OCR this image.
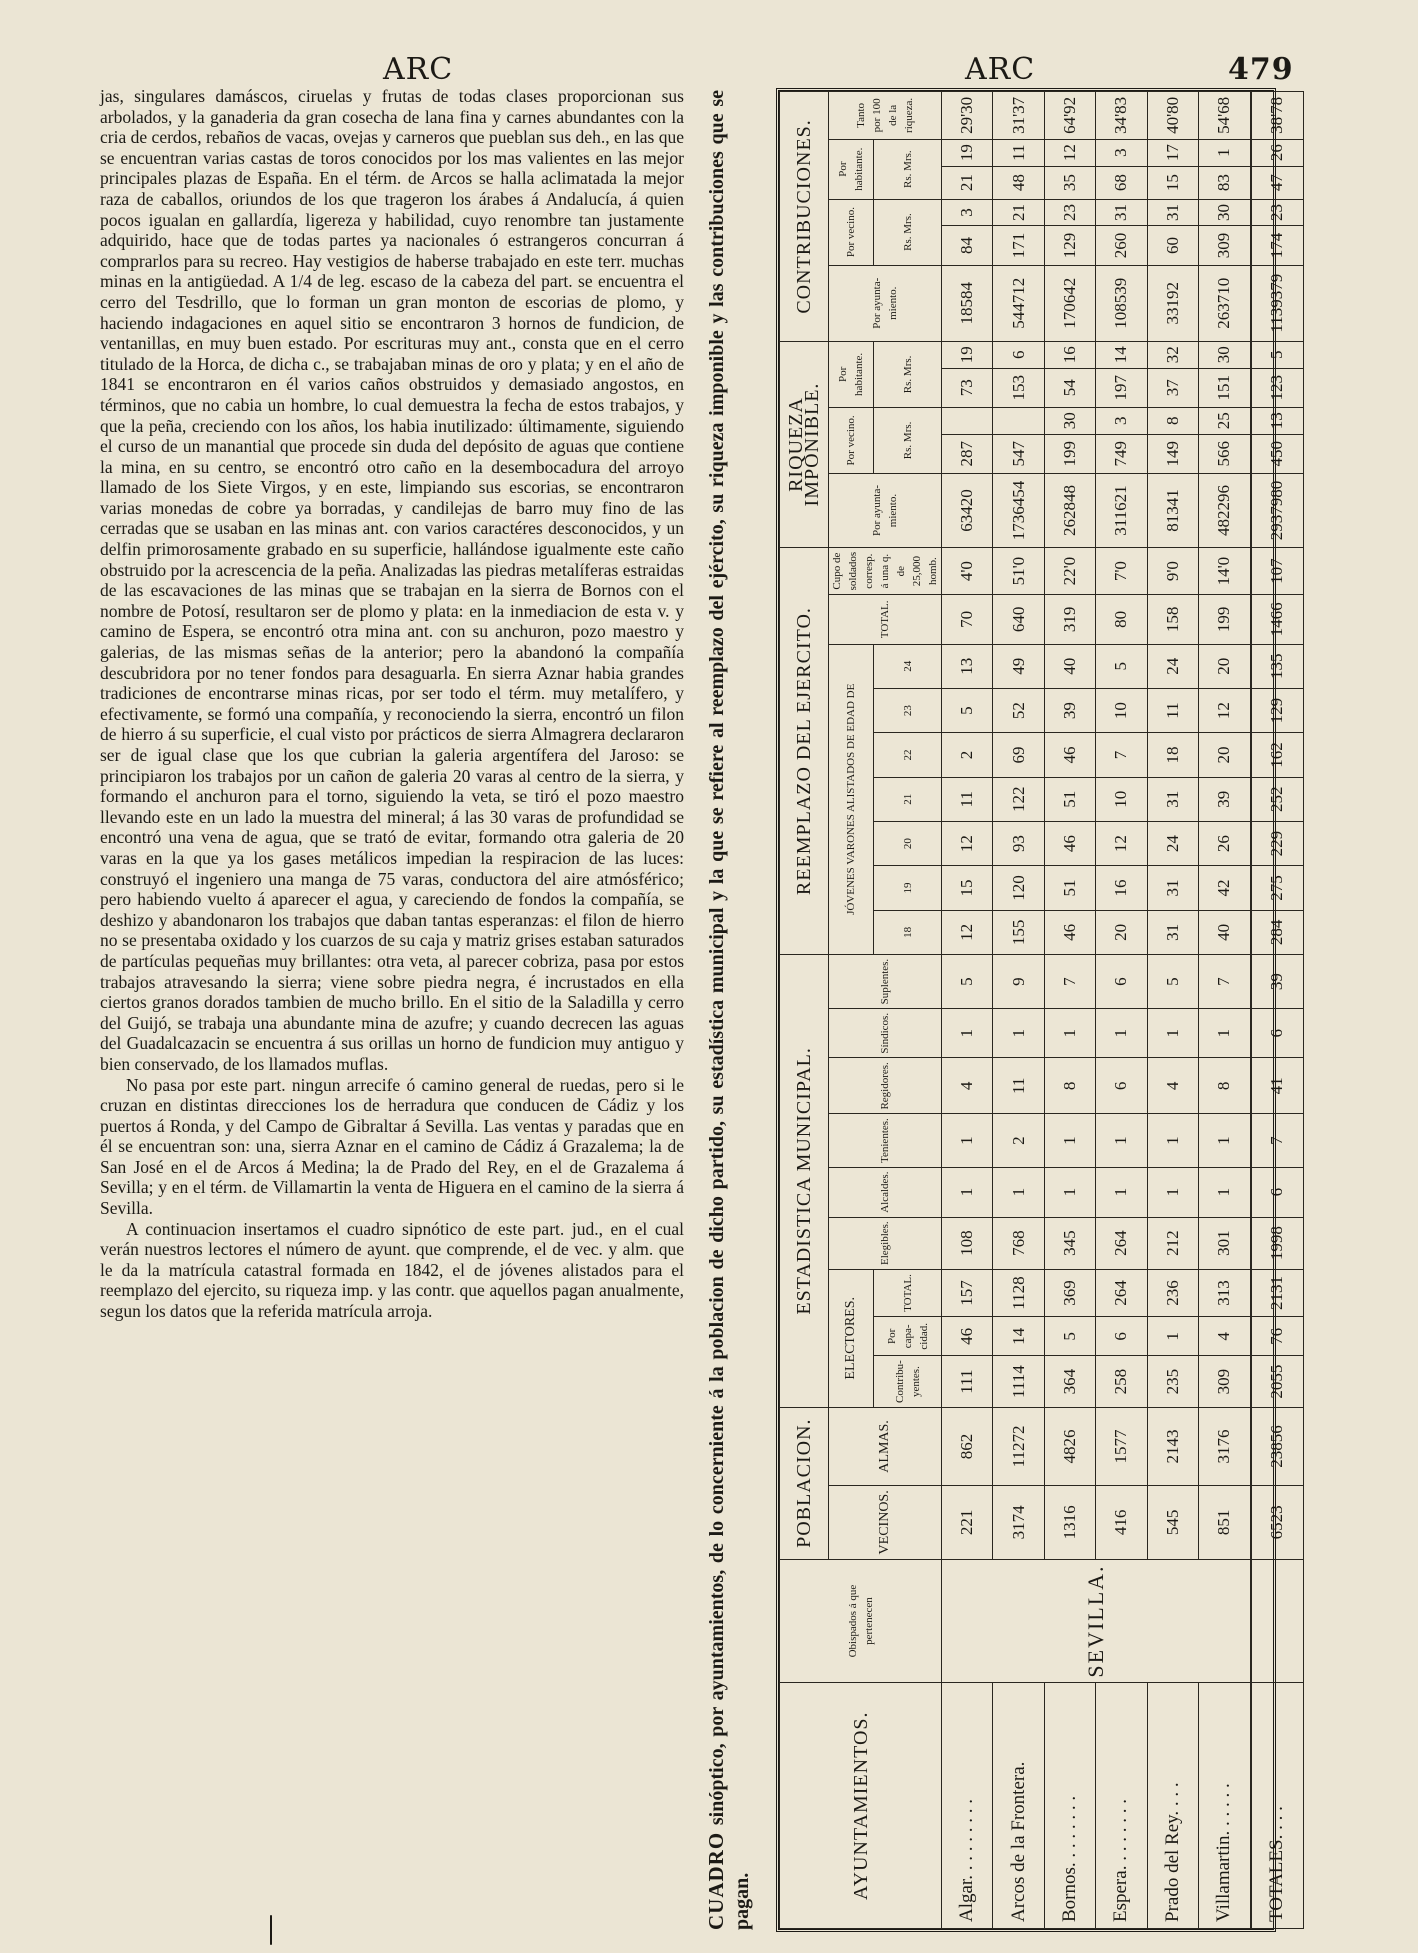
ARC	ARC	479

jas, singulares damáscos, ciruelas y frutas de todas clases proporcionan sus arbolados, y la ganaderia da gran cosecha de lana fina y carnes abundantes con la cria de cerdos, rebaños de vacas, ovejas y carneros que pueblan sus deh., en las que se encuentran varias castas de toros conocidos por los mas valientes en las mejor principales plazas de España. En el térm. de Arcos se halla aclimatada la mejor raza de caballos, oriundos de los que trageron los árabes á Andalucía, á quien pocos igualan en gallardía, ligereza y habilidad, cuyo renombre tan justamente adquirido, hace que de todas partes ya nacionales ó estrangeros concurran á comprarlos para su recreo. Hay vestigios de haberse trabajado en este terr. muchas minas en la antigüedad. A 1/4 de leg. escaso de la cabeza del part. se encuentra el cerro del Tesdrillo, que lo forman un gran monton de escorias de plomo, y haciendo indagaciones en aquel sitio se encontraron 3 hornos de fundicion, de ventanillas, en muy buen estado. Por escrituras muy ant., consta que en el cerro titulado de la Horca, de dicha c., se trabajaban minas de oro y plata; y en el año de 1841 se encontraron en él varios caños obstruidos y demasiado angostos, en términos, que no cabia un hombre, lo cual demuestra la fecha de estos trabajos, y que la peña, creciendo con los años, los habia inutilizado: últimamente, siguiendo el curso de un manantial que procede sin duda del depósito de aguas que contiene la mina, en su centro, se encontró otro caño en la desembocadura del arroyo llamado de los Siete Virgos, y en este, limpiando sus escorias, se encontraron varias monedas de cobre ya borradas, y candilejas de barro muy fino de las cerradas que se usaban en las minas ant. con varios caractéres desconocidos, y un delfin primorosamente grabado en su superficie, hallándose igualmente este caño obstruido por la acrescencia de la peña. Analizadas las piedras metalíferas estraidas de las escavaciones de las minas que se trabajan en la sierra de Bornos con el nombre de Potosí, resultaron ser de plomo y plata: en la inmediacion de esta v. y camino de Espera, se encontró otra mina ant. con su anchuron, pozo maestro y galerias, de las mismas señas de la anterior; pero la abandonó la compañía descubridora por no tener fondos para desaguarla. En sierra Aznar habia grandes tradiciones de encontrarse minas ricas, por ser todo el térm. muy metalífero, y efectivamente, se formó una compañía, y reconociendo la sierra, encontró un filon de hierro á su superficie, el cual visto por prácticos de sierra Almagrera declararon ser de igual clase que los que cubrian la galeria argentífera del Jaroso: se principiaron los trabajos por un cañon de galeria 20 varas al centro de la sierra, y formando el anchuron para el torno, siguiendo la veta, se tiró el pozo maestro llevando este en un lado la muestra del mineral; á las 30 varas de profundidad se encontró una vena de agua, que se trató de evitar, formando otra galeria de 20 varas en la que ya los gases metálicos impedian la respiracion de las luces: construyó el ingeniero una manga de 75 varas, conductora del aire atmósférico; pero habiendo vuelto á aparecer el agua, y careciendo de fondos la compañía, se deshizo y abandonaron los trabajos que daban tantas esperanzas: el filon de hierro no se presentaba oxidado y los cuarzos de su caja y matriz grises estaban saturados de partículas pequeñas muy brillantes: otra veta, al parecer cobriza, pasa por estos trabajos atravesando la sierra; viene sobre piedra negra, é incrustados en ella ciertos granos dorados tambien de mucho brillo. En el sitio de la Saladilla y cerro del Guijó, se trabaja una abundante mina de azufre; y cuando decrecen las aguas del Guadalcazacin se encuentra á sus orillas un horno de fundicion muy antiguo y bien conservado, de los llamados muflas.

No pasa por este part. ningun arrecife ó camino general de ruedas, pero si le cruzan en distintas direcciones los de herradura que conducen de Cádiz y los puertos á Ronda, y del Campo de Gibraltar á Sevilla. Las ventas y paradas que en él se encuentran son: una, sierra Aznar en el camino de Cádiz á Grazalema; la de San José en el de Arcos á Medina; la de Prado del Rey, en el de Grazalema á Sevilla; y en el térm. de Villamartin la venta de Higuera en el camino de la sierra á Sevilla.

A continuacion insertamos el cuadro sipnótico de este part. jud., en el cual verán nuestros lectores el número de ayunt. que comprende, el de vec. y alm. que le da la matrícula catastral formada en 1842, el de jóvenes alistados para el reemplazo del ejercito, su riqueza imp. y las contr. que aquellos pagan anualmente, segun los datos que la referida matrícula arroja.

CUADRO sinóptico, por ayuntamientos, de lo concerniente á la poblacion de dicho partido, su estadística municipal y la que se refiere al reemplazo del ejército, su riqueza imponible y las contribuciones que se pagan.
AYUNTAMIENTOS.	Obispados á que pertenecen	POBLACION.		ESTADISTICA MUNICIPAL.									REEMPLAZO DEL EJERCITO.									RIQUEZA IMPONIBLE.					CONTRIBUCIONES.					
		VECINOS.	ALMAS.	ELECTORES.			Elegibles.	Alcaldes.	Tenientes.	Regidores.	Síndicos.	Suplentes.	JÓVENES VARONES ALISTADOS DE EDAD DE							TOTAL.	Cupo de soldados corresp. á una q. de 25,000 homb.	Por ayunta-miento.	Por vecino.		Por habitante.		Por ayunta-miento.	Por vecino.		Por habitante.		Tanto por 100 de la riqueza.
				Contribu-yentes.	Por capa-cidad.	TOTAL.							18	19	20	21	22	23	24				Rs. Mrs.		Rs. Mrs.			Rs. Mrs.		Rs. Mrs.		
Algar. . . . . . . . .	SEVILLA.	221	862	111	46	157	108	1	1	4	1	5	12	15	12	11	2	5	13	70	4'0	63420	287		73	19	18584	84	3	21	19	29'30
Arcos de la Frontera.		3174	11272	1114	14	1128	768	1	2	11	1	9	155	120	93	122	69	52	49	640	51'0	1736454	547		153	6	544712	171	21	48	11	31'37
Bornos. . . . . . . .		1316	4826	364	5	369	345	1	1	8	1	7	46	51	46	51	46	39	40	319	22'0	262848	199	30	54	16	170642	129	23	35	12	64'92
Espera. . . . . . . .		416	1577	258	6	264	264	1	1	6	1	6	20	16	12	10	7	10	5	80	7'0	311621	749	3	197	14	108539	260	31	68	3	34'83
Prado del Rey. . . .		545	2143	235	1	236	212	1	1	4	1	5	31	31	24	31	18	11	24	158	9'0	81341	149	8	37	32	33192	60	31	15	17	40'80
Villamartin. . . . . .		851	3176	309	4	313	301	1	1	8	1	7	40	42	26	39	20	12	20	199	14'0	482296	566	25	151	30	263710	309	30	83	1	54'68
TOTALES. . . .		6523	23856	2055	76	2131	1998	6	7	41	6	39	284	275	229	252	162	129	135	1466	107	2937980	450	13	123	5	1139379	174	23	47	26	38'78
